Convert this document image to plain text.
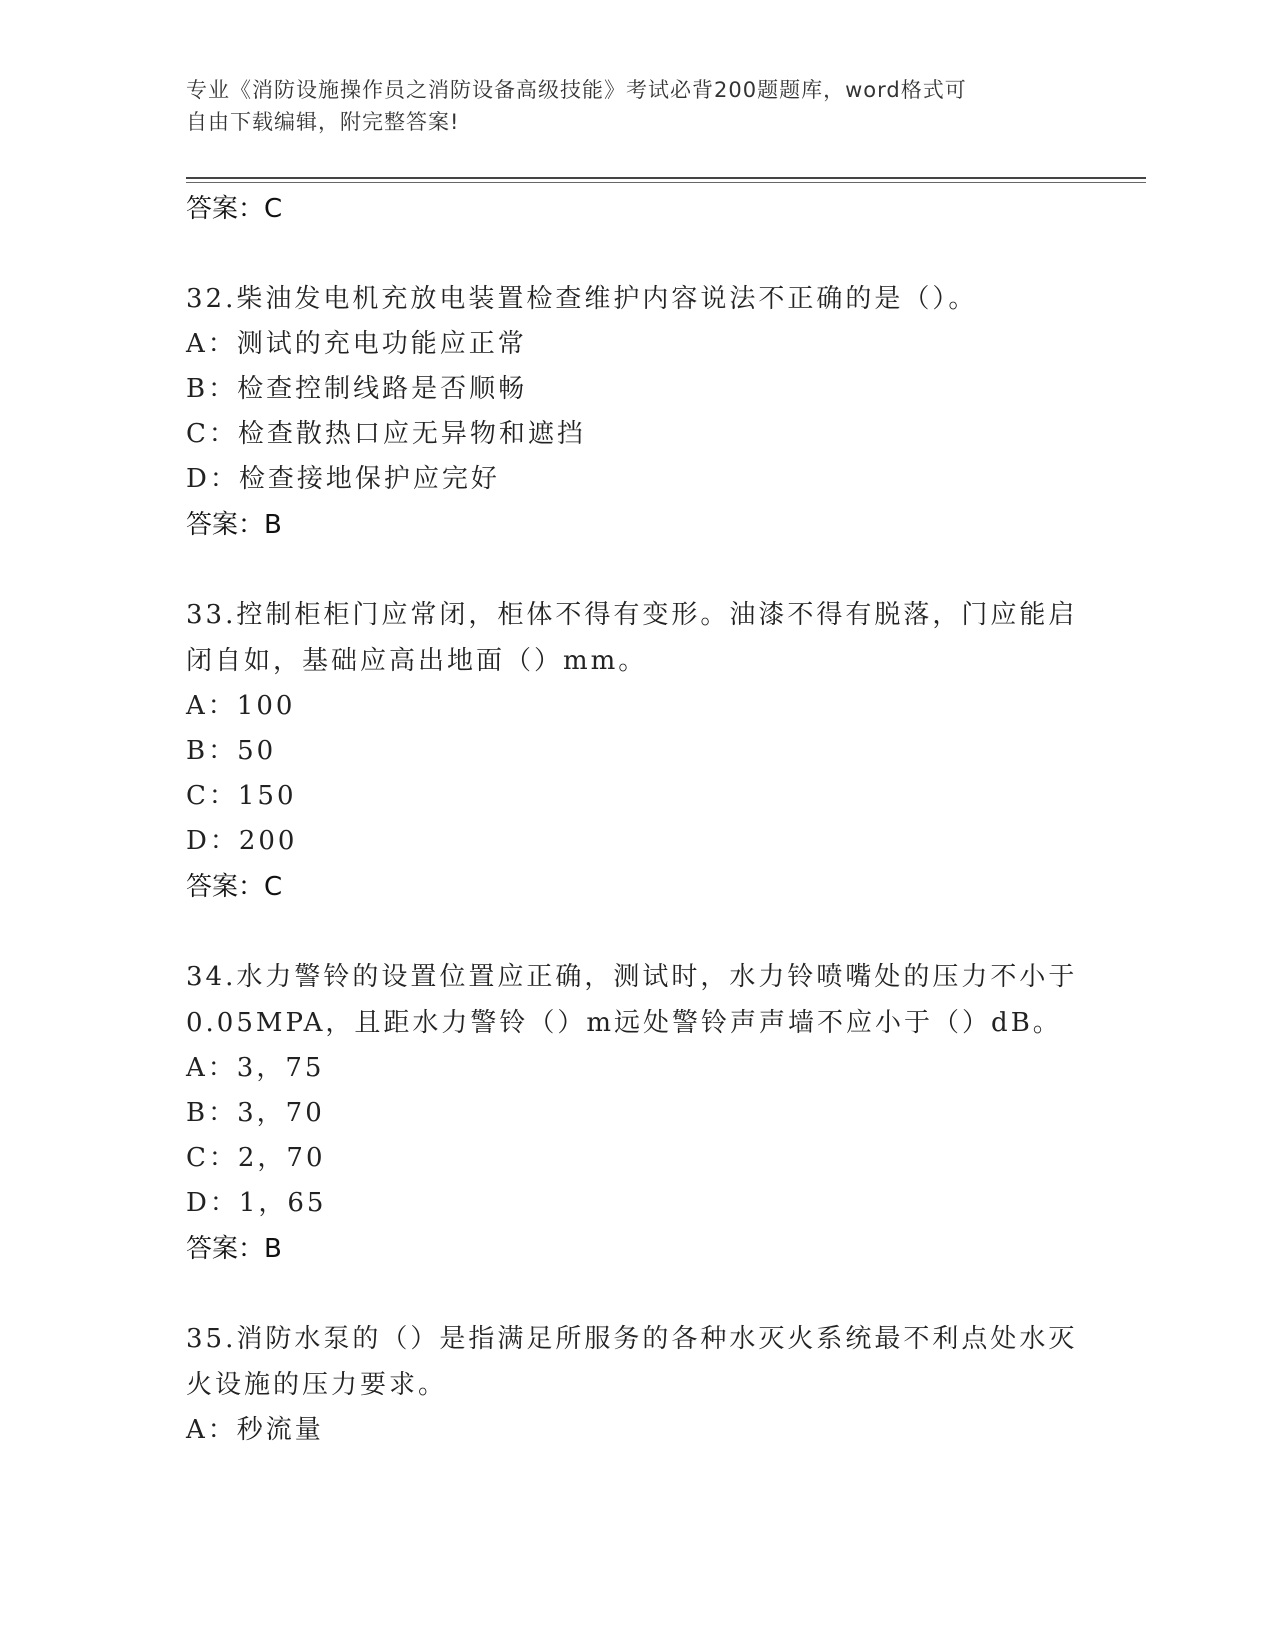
专业《消防设施操作员之消防设备高级技能》考试必背200题题库，word格式可
自由下载编辑，附完整答案!
答案：C
32.柴油发电机充放电装置检查维护内容说法不正确的是（）。
A：测试的充电功能应正常
B：检查控制线路是否顺畅
C：检查散热口应无异物和遮挡
D：检查接地保护应完好
答案：B
33.控制柜柜门应常闭，柜体不得有变形。油漆不得有脱落，门应能启闭自如，基础应高出地面（）mm。
A：100
B：50
C：150
D：200
答案：C
34.水力警铃的设置位置应正确，测试时，水力铃喷嘴处的压力不小于0.05MPA，且距水力警铃（）m远处警铃声声墙不应小于（）dB。
A：3，75
B：3，70
C：2，70
D：1，65
答案：B
35.消防水泵的（）是指满足所服务的各种水灭火系统最不利点处水灭火设施的压力要求。
A：秒流量
